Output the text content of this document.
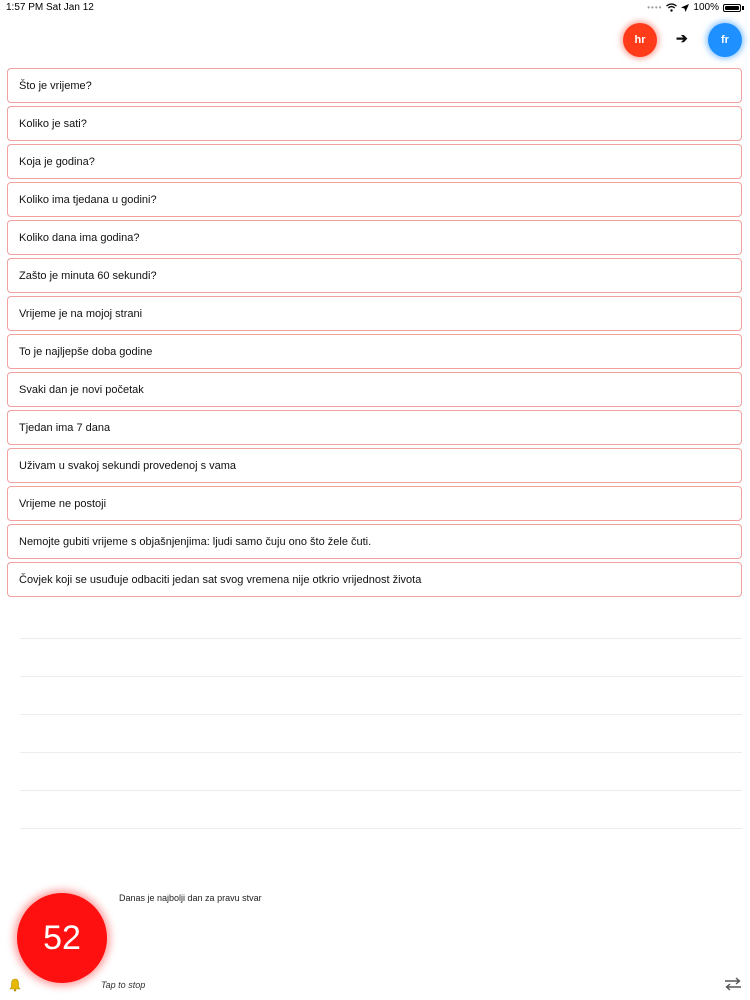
1:57 PM Sat Jan 12	••••	100%
hr	➔	fr
Što je vrijeme?
Koliko je sati?
Koja je godina?
Koliko ima tjedana u godini?
Koliko dana ima godina?
Zašto je minuta 60 sekundi?
Vrijeme je na mojoj strani
To je najljepše doba godine
Svaki dan je novi početak
Tjedan ima 7 dana
Uživam u svakoj sekundi provedenoj s vama
Vrijeme ne postoji
Nemojte gubiti vrijeme s objašnjenjima: ljudi samo čuju ono što žele čuti.
Čovjek koji se usuđuje odbaciti jedan sat svog vremena nije otkrio vrijednost života
52
Danas je najbolji dan za pravu stvar
Tap to stop
